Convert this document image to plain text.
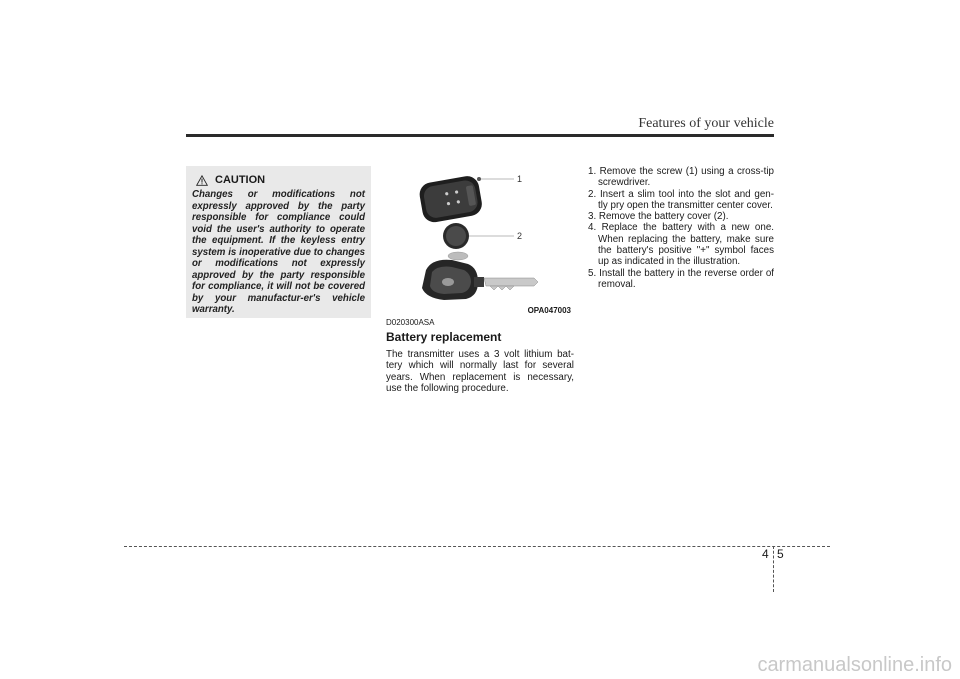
Features of your vehicle
CAUTION
Changes or modifications not expressly approved by the party responsible for compliance could void the user's authority to operate the equipment. If the keyless entry system is inoperative due to changes or modifications not expressly approved by the party responsible for compliance, it will not be covered by your manufactur-er's vehicle warranty.
1
2
OPA047003
D020300ASA
Battery replacement
The transmitter uses a 3 volt lithium bat-tery which will normally last for several years. When replacement is necessary, use the following procedure.
1. Remove the screw (1) using a cross-tip screwdriver.
2. Insert a slim tool into the slot and gen-tly pry open the transmitter center cover.
3. Remove the battery cover (2).
4. Replace the battery with a new one. When replacing the battery, make sure the battery's positive "+" symbol faces up as indicated in the illustration.
5. Install the battery in the reverse order of removal.
4 5
carmanualsonline.info
